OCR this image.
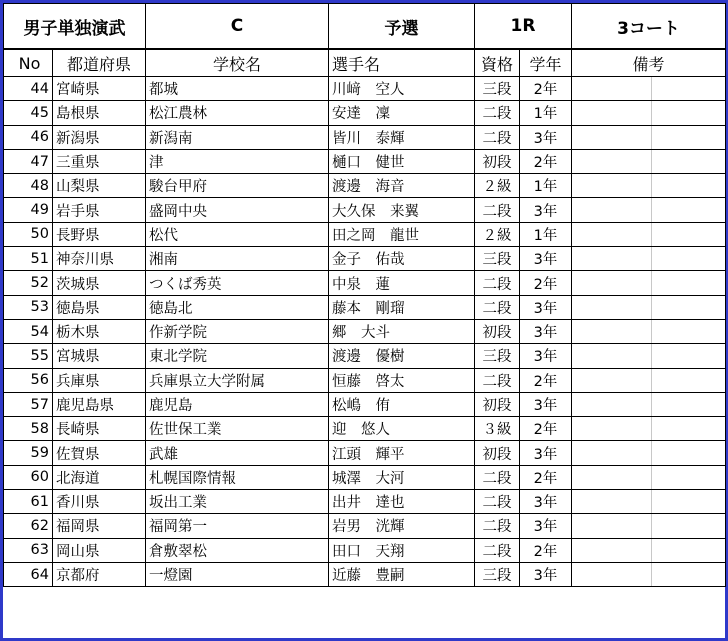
男子単独演武		C	予選	1R		3コート	
No	都道府県	学校名	選手名	資格	学年	備考	
44	宮崎県	都城	川﨑　空人	三段	2年		
45	島根県	松江農林	安達　凜	二段	1年		
46	新潟県	新潟南	皆川　泰輝	二段	3年		
47	三重県	津	樋口　健世	初段	2年		
48	山梨県	駿台甲府	渡邊　海音	２級	1年		
49	岩手県	盛岡中央	大久保　来翼	二段	3年		
50	長野県	松代	田之岡　龍世	２級	1年		
51	神奈川県	湘南	金子　佑哉	三段	3年		
52	茨城県	つくば秀英	中泉　蓮	二段	2年		
53	徳島県	徳島北	藤本　剛瑠	二段	3年		
54	栃木県	作新学院	郷　大斗	初段	3年		
55	宮城県	東北学院	渡邊　優樹	三段	3年		
56	兵庫県	兵庫県立大学附属	恒藤　啓太	二段	2年		
57	鹿児島県	鹿児島	松嶋　侑	初段	3年		
58	長崎県	佐世保工業	迎　悠人	３級	2年		
59	佐賀県	武雄	江頭　輝平	初段	3年		
60	北海道	札幌国際情報	城澤　大河	二段	2年		
61	香川県	坂出工業	出井　達也	二段	3年		
62	福岡県	福岡第一	岩男　洸輝	二段	3年		
63	岡山県	倉敷翠松	田口　天翔	二段	2年		
64	京都府	一燈園	近藤　豊嗣	三段	3年		
